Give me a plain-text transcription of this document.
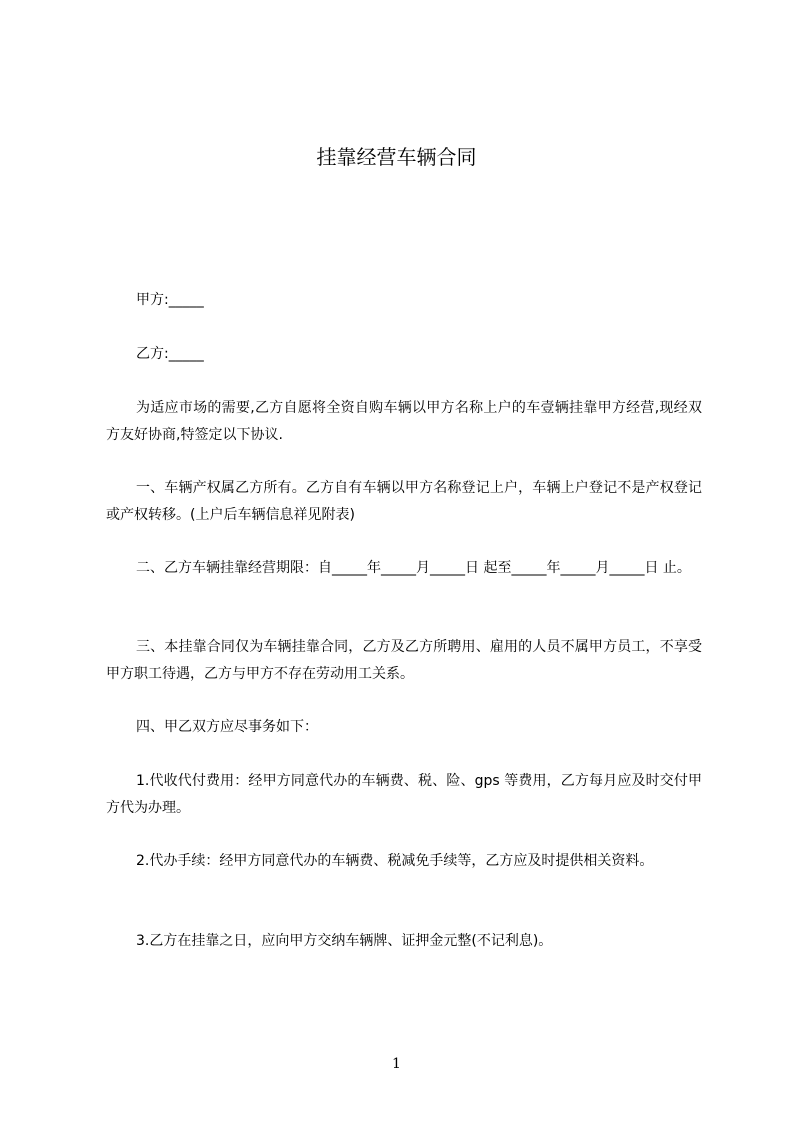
挂靠经营车辆合同

甲方:_____

乙方:_____

为适应市场的需要,乙方自愿将全资自购车辆以甲方名称上户的车壹辆挂靠甲方经营,现经双方友好协商,特签定以下协议.

一、车辆产权属乙方所有。乙方自有车辆以甲方名称登记上户，车辆上户登记不是产权登记或产权转移。(上户后车辆信息祥见附表)

二、乙方车辆挂靠经营期限：自_____年_____月_____日 起至_____年_____月_____日 止。

三、本挂靠合同仅为车辆挂靠合同，乙方及乙方所聘用、雇用的人员不属甲方员工，不享受甲方职工待遇，乙方与甲方不存在劳动用工关系。

四、甲乙双方应尽事务如下：

1.代收代付费用：经甲方同意代办的车辆费、税、险、gps 等费用，乙方每月应及时交付甲方代为办理。

2.代办手续：经甲方同意代办的车辆费、税减免手续等，乙方应及时提供相关资料。

3.乙方在挂靠之日，应向甲方交纳车辆牌、证押金元整(不记利息)。

1
